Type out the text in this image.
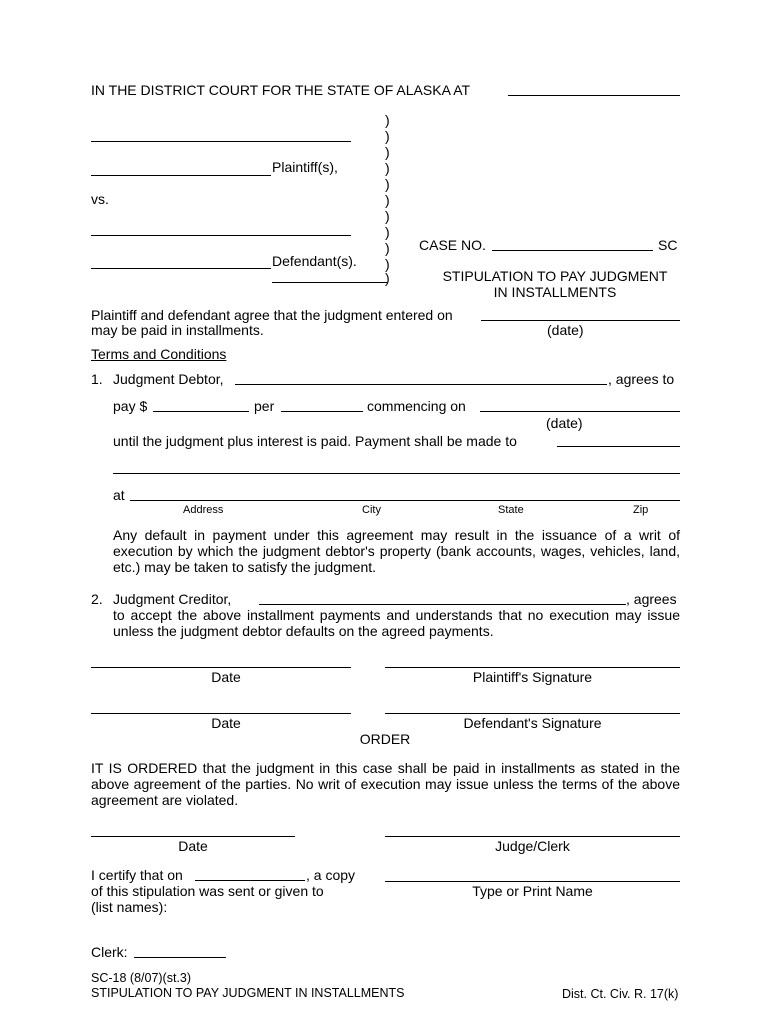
IN THE DISTRICT COURT FOR THE STATE OF ALASKA AT
Plaintiff(s),
vs.
Defendant(s).
)
)
)
)
)
)
)
)
)
)
)
CASE NO.	SC
STIPULATION TO PAY JUDGMENT
IN INSTALLMENTS
Plaintiff and defendant agree that the judgment entered on
may be paid in installments.	(date)
Terms and Conditions
1. Judgment Debtor,	, agrees to
pay $	per	commencing on
(date)
until the judgment plus interest is paid. Payment shall be made to
at
Address	City	State	Zip
Any default in payment under this agreement may result in the issuance of a writ of execution by which the judgment debtor's property (bank accounts, wages, vehicles, land, etc.) may be taken to satisfy the judgment.
2. Judgment Creditor,	, agrees
to accept the above installment payments and understands that no execution may issue unless the judgment debtor defaults on the agreed payments.
Date	Plaintiff's Signature
Date	Defendant's Signature
ORDER
IT IS ORDERED that the judgment in this case shall be paid in installments as stated in the above agreement of the parties. No writ of execution may issue unless the terms of the above agreement are violated.
Date	Judge/Clerk
I certify that on	, a copy
of this stipulation was sent or given to
(list names):
Type or Print Name
Clerk:
SC-18 (8/07)(st.3)
STIPULATION TO PAY JUDGMENT IN INSTALLMENTS	Dist. Ct. Civ. R. 17(k)
